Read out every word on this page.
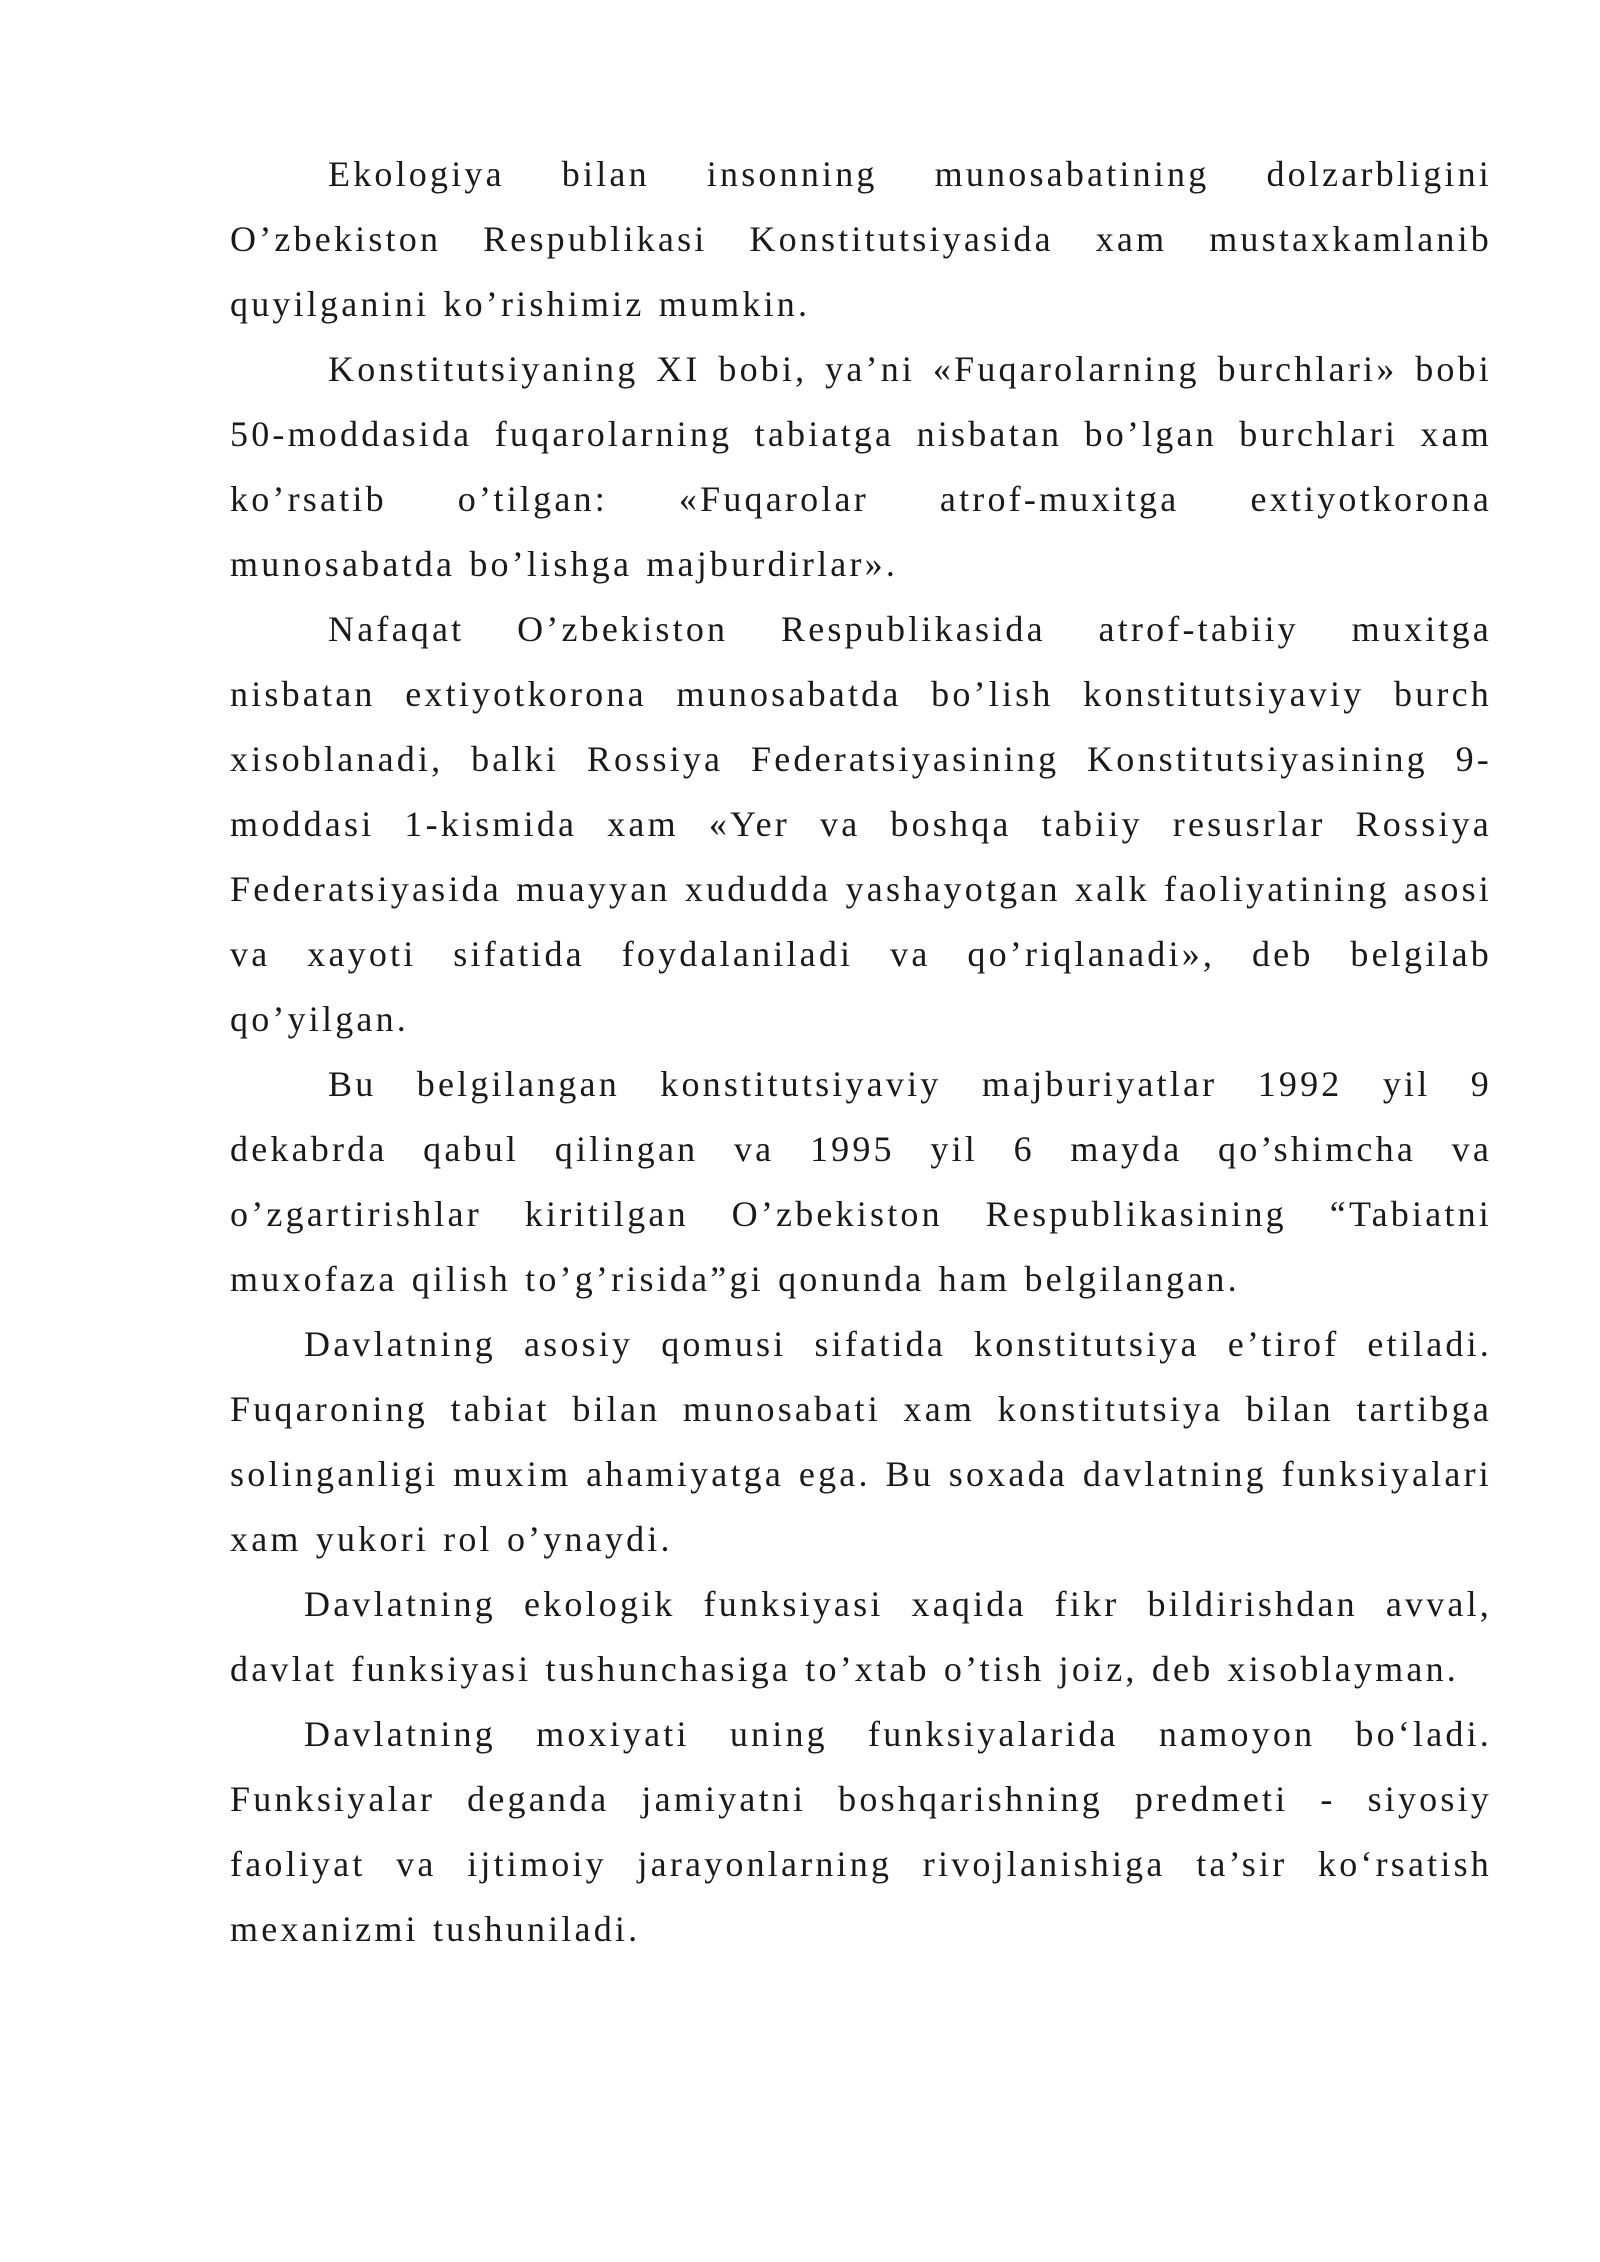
Ekologiya bilan insonning munosabatining dolzarbligini O’zbekiston Respublikasi Konstitutsiyasida xam mustaxkamlanib quyilganini ko’rishimiz mumkin.

Konstitutsiyaning XI bobi, ya’ni «Fuqarolarning burchlari» bobi 50-moddasida fuqarolarning tabiatga nisbatan bo’lgan burchlari xam ko’rsatib o’tilgan: «Fuqarolar atrof-muxitga extiyotkorona munosabatda bo’lishga majburdirlar».

Nafaqat O’zbekiston Respublikasida atrof-tabiiy muxitga nisbatan extiyotkorona munosabatda bo’lish konstitutsiyaviy burch xisoblanadi, balki Rossiya Federatsiyasining Konstitutsiyasining 9-moddasi 1-kismida xam «Yer va boshqa tabiiy resusrlar Rossiya Federatsiyasida muayyan xududda yashayotgan xalk faoliyatining asosi va xayoti sifatida foydalaniladi va qo’riqlanadi», deb belgilab qo’yilgan.

Bu belgilangan konstitutsiyaviy majburiyatlar 1992 yil 9 dekabrda qabul qilingan va 1995 yil 6 mayda qo’shimcha va o’zgartirishlar kiritilgan O’zbekiston Respublikasining “Tabiatni muxofaza qilish to’g’risida”gi qonunda ham belgilangan.

Davlatning asosiy qomusi sifatida konstitutsiya e’tirof etiladi. Fuqaroning tabiat bilan munosabati xam konstitutsiya bilan tartibga solinganligi muxim ahamiyatga ega. Bu soxada davlatning funksiyalari xam yukori rol o’ynaydi.

Davlatning ekologik funksiyasi xaqida fikr bildirishdan avval, davlat funksiyasi tushunchasiga to’xtab o’tish joiz, deb xisoblayman.

Davlatning moxiyati uning funksiyalarida namoyon bo‘ladi. Funksiyalar deganda jamiyatni boshqarishning predmeti - siyosiy faoliyat va ijtimoiy jarayonlarning rivojlanishiga ta’sir ko‘rsatish mexanizmi tushuniladi.
